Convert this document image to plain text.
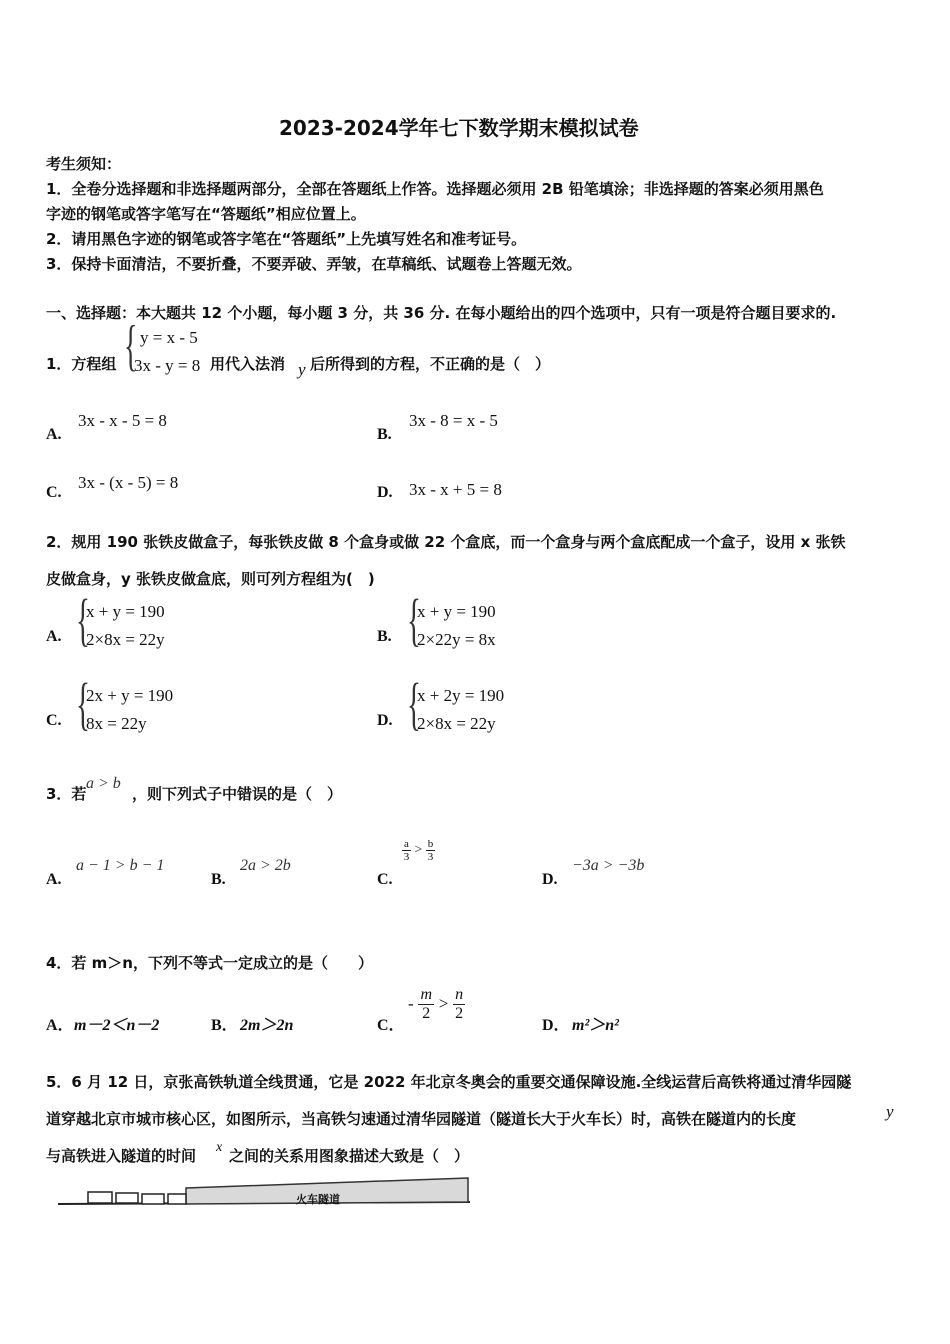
2023-2024学年七下数学期末模拟试卷
考生须知：
1．全卷分选择题和非选择题两部分，全部在答题纸上作答。选择题必须用 2B 铅笔填涂；非选择题的答案必须用黑色
字迹的钢笔或答字笔写在“答题纸”相应位置上。
2．请用黑色字迹的钢笔或答字笔在“答题纸”上先填写姓名和准考证号。
3．保持卡面清洁，不要折叠，不要弄破、弄皱，在草稿纸、试题卷上答题无效。
一、选择题：本大题共 12 个小题，每小题 3 分，共 36 分. 在每小题给出的四个选项中，只有一项是符合题目要求的.
1．方程组 { y = x - 5
3x - y = 8 用代入法消 y 后所得到的方程，不正确的是（　）
A.
3x - x - 5 = 8
B.
3x - 8 = x - 5
C.
3x - (x - 5) = 8
D. 3x - x + 5 = 8
2．规用 190 张铁皮做盒子，每张铁皮做 8 个盒身或做 22 个盒底，而一个盒身与两个盒底配成一个盒子，设用 x 张铁
皮做盒身，y 张铁皮做盒底，则可列方程组为(　)
A. {
x + y = 190
2×8x = 22y	B. {
x + y = 190
2×22y = 8x
C. {
2x + y = 190
8x = 22y	D. {
x + 2y = 190
2×8x = 22y
3．若
a > b
，则下列式子中错误的是（　）
A.
a − 1 > b − 1
B.
2a > 2b
C.
$\frac{a}{3} > \frac{b}{3}$
D.
−3a > −3b
4．若 m＞n，下列不等式一定成立的是（　　）
A． m－2＜n－2	B． 2m＞2n	C．
- $\frac{m}{2} > \frac{n}{2}$
D． m²＞n²
5．6 月 12 日，京张高铁轨道全线贯通，它是 2022 年北京冬奥会的重要交通保障设施.全线运营后高铁将通过清华园隧
道穿越北京市城市核心区，如图所示，当高铁匀速通过清华园隧道（隧道长大于火车长）时，高铁在隧道内的长度	y
与高铁进入隧道的时间 x 之间的关系用图象描述大致是（　）
火车隧道
